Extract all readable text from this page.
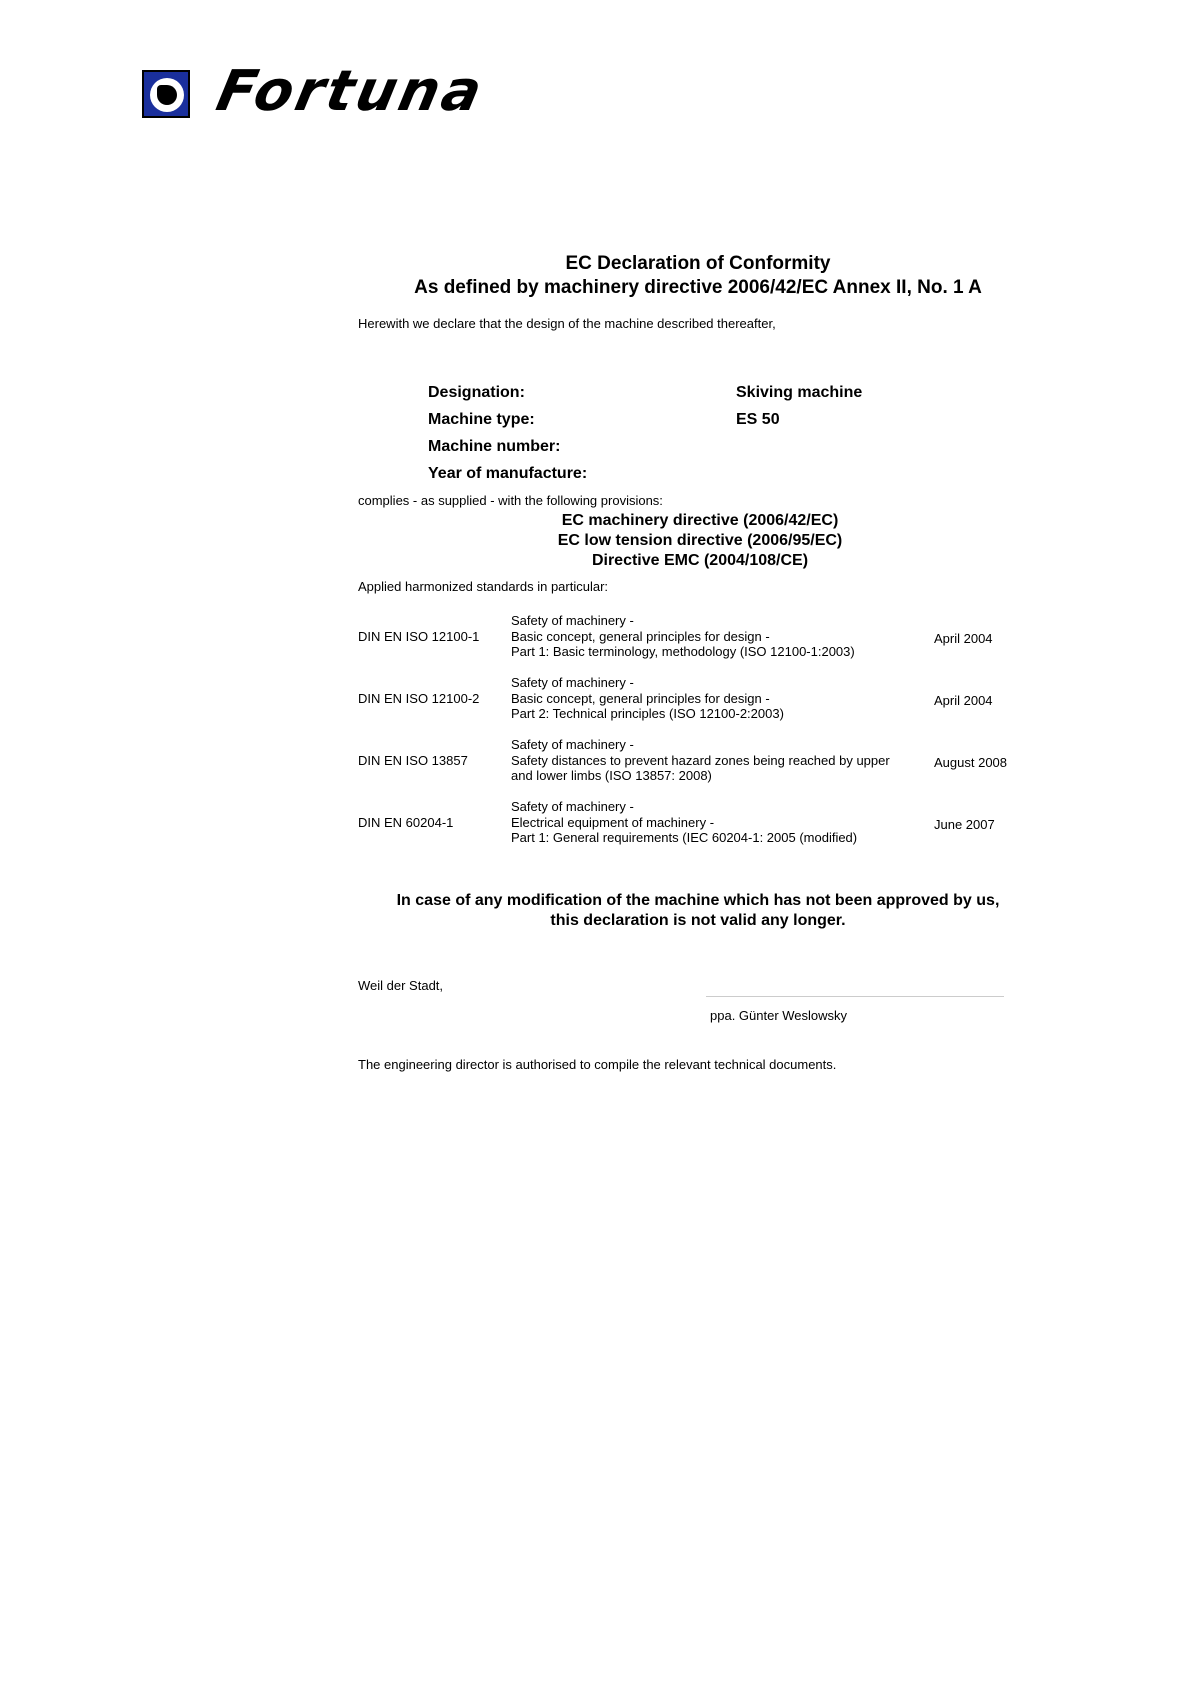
Fortuna
EC Declaration of Conformity
As defined by machinery directive 2006/42/EC Annex II, No. 1 A
Herewith we declare that the design of the machine described thereafter,
Designation:	Skiving machine
Machine type:	ES 50
Machine number:
Year of manufacture:
complies - as supplied - with the following provisions:
EC machinery directive (2006/42/EC)
EC low tension directive (2006/95/EC)
Directive EMC (2004/108/CE)
Applied harmonized standards in particular:
DIN EN ISO 12100-1
Safety of machinery -
Basic concept, general principles for design -
Part 1: Basic terminology, methodology (ISO 12100-1:2003)
April 2004
DIN EN ISO 12100-2
Safety of machinery -
Basic concept, general principles for design -
Part 2: Technical principles (ISO 12100-2:2003)
April 2004
DIN EN ISO 13857
Safety of machinery -
Safety distances to prevent hazard zones being reached by upper
and lower limbs (ISO 13857: 2008)
August 2008
DIN EN 60204-1
Safety of machinery -
Electrical equipment of machinery -
Part 1: General requirements (IEC 60204-1: 2005 (modified)
June 2007
In case of any modification of the machine which has not been approved by us,
this declaration is not valid any longer.
Weil der Stadt,
ppa. Günter Weslowsky
The engineering director is authorised to compile the relevant technical documents.
